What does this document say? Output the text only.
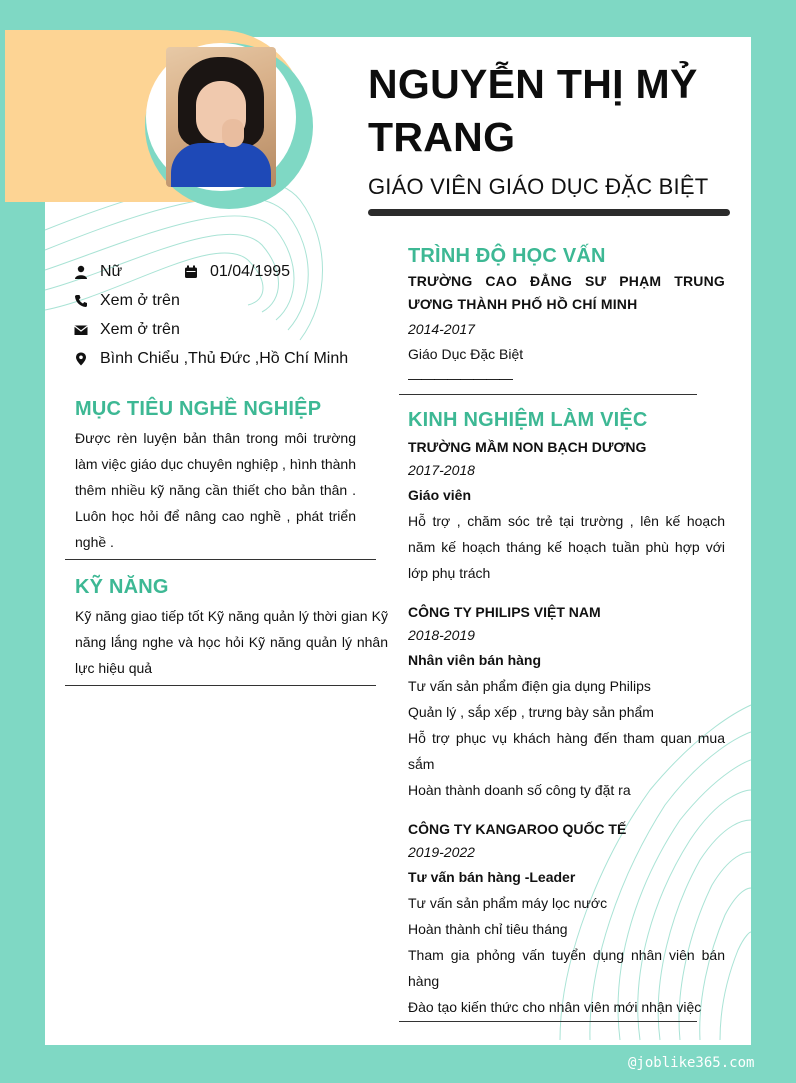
NGUYỄN THỊ MỶ TRANG

GIÁO VIÊN GIÁO DỤC ĐẶC BIỆT

Nữ	01/04/1995
Xem ở trên
Xem ở trên
Bình Chiểu ,Thủ Đức ,Hồ Chí Minh
MỤC TIÊU NGHỀ NGHIỆP

Được rèn luyện bản thân trong môi trường làm việc giáo dục chuyên nghiệp , hình thành thêm nhiều kỹ năng cần thiết cho bản thân . Luôn học hỏi để nâng cao nghề , phát triển nghề .

KỸ NĂNG

Kỹ năng giao tiếp tốt Kỹ năng quản lý thời gian Kỹ năng lắng nghe và học hỏi Kỹ năng quản lý nhân lực hiệu quả

TRÌNH ĐỘ HỌC VẤN
TRƯỜNG CAO ĐẲNG SƯ PHẠM TRUNG ƯƠNG THÀNH PHỐ HỒ CHÍ MINH
2014-2017
Giáo Dục Đặc Biệt
————————
KINH NGHIỆM LÀM VIỆC
TRƯỜNG MẦM NON BẠCH DƯƠNG
2017-2018
Giáo viên
Hỗ trợ , chăm sóc trẻ tại trường , lên kế hoạch năm kế hoạch tháng kế hoạch tuần phù hợp với lớp phụ trách
CÔNG TY PHILIPS VIỆT NAM
2018-2019
Nhân viên bán hàng
Tư vấn sản phẩm điện gia dụng Philips
Quản lý , sắp xếp , trưng bày sản phẩm
Hỗ trợ phục vụ khách hàng đến tham quan mua sắm
Hoàn thành doanh số công ty đặt ra
CÔNG TY KANGAROO QUỐC TẾ
2019-2022
Tư vấn bán hàng -Leader
Tư vấn sản phẩm máy lọc nước
Hoàn thành chỉ tiêu tháng
Tham gia phỏng vấn tuyển dụng nhân viên bán hàng
Đào tạo kiến thức cho nhân viên mới nhận việc
@joblike365.com
